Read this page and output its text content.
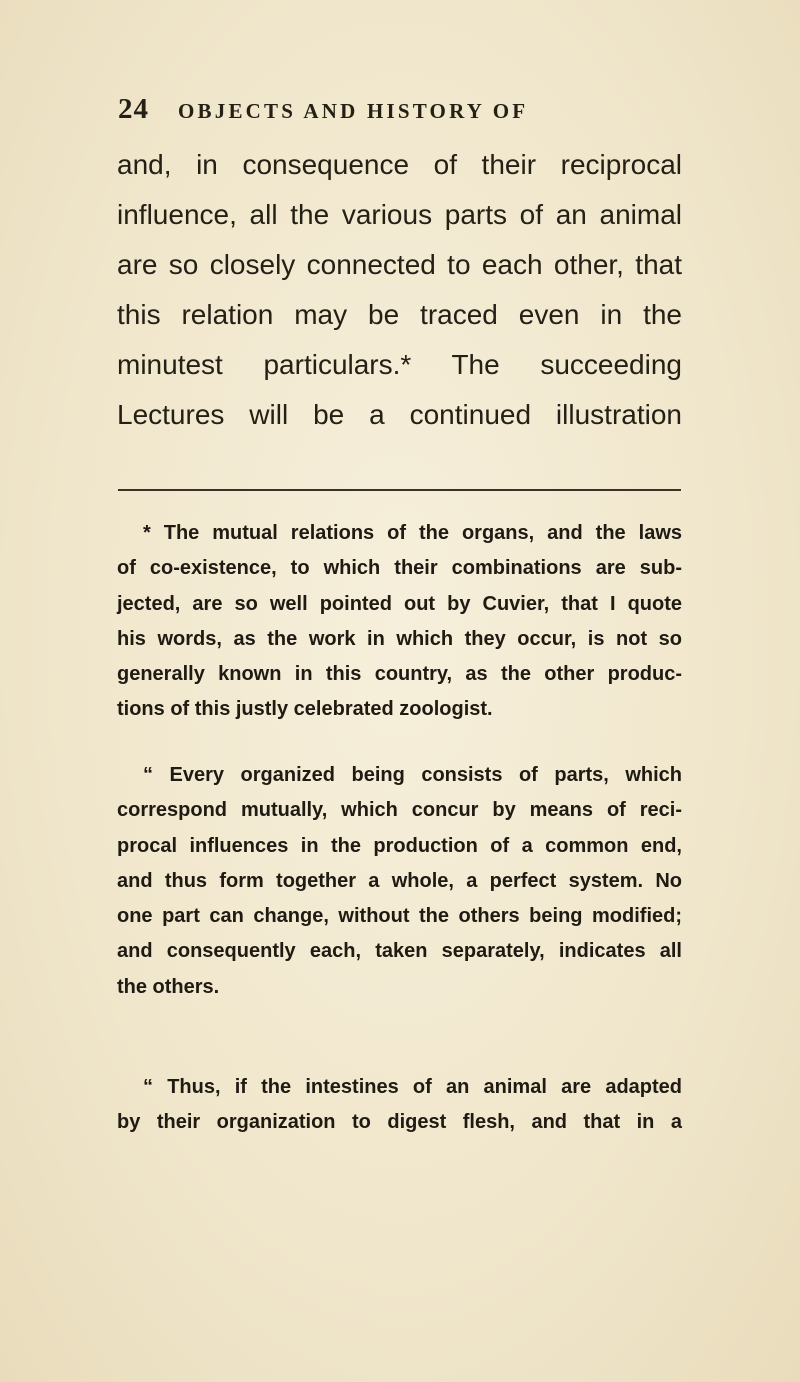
24 OBJECTS AND HISTORY OF
and, in consequence of their reciprocal
influence, all the various parts of an animal
are so closely connected to each other, that
this relation may be traced even in the
minutest particulars.* The succeeding
Lectures will be a continued illustration
* The mutual relations of the organs, and the laws
of co-existence, to which their combinations are sub-
jected, are so well pointed out by Cuvier, that I quote
his words, as the work in which they occur, is not so
generally known in this country, as the other produc-
tions of this justly celebrated zoologist.
“ Every organized being consists of parts, which
correspond mutually, which concur by means of reci-
procal influences in the production of a common end,
and thus form together a whole, a perfect system. No
one part can change, without the others being modified;
and consequently each, taken separately, indicates all
the others.
“ Thus, if the intestines of an animal are adapted
by their organization to digest flesh, and that in a
